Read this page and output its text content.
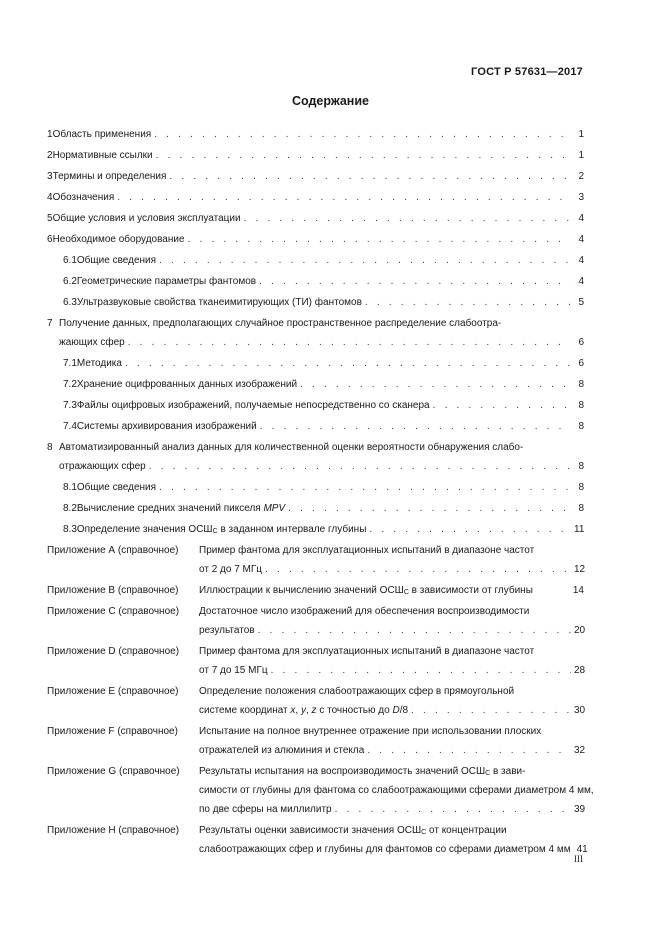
ГОСТ Р 57631—2017
Содержание
1 Область применения . . .	1
2 Нормативные ссылки . . .	1
3 Термины и определения . . .	2
4 Обозначения . . .	3
5 Общие условия и условия эксплуатации . . .	4
6 Необходимое оборудование . . .	4
6.1 Общие сведения . . .	4
6.2 Геометрические параметры фантомов . . .	4
6.3 Ультразвуковые свойства тканеимитирующих (ТИ) фантомов . . .	5
7 Получение данных, предполагающих случайное пространственное распределение слабоотра-
жающих сфер . . .	6
7.1 Методика . . .	6
7.2 Хранение оцифрованных данных изображений . . .	8
7.3 Файлы оцифровых изображений, получаемые непосредственно со сканера . . .	8
7.4 Системы архивирования изображений . . .	8
8 Автоматизированный анализ данных для количественной оценки вероятности обнаружения слабо-
отражающих сфер . . .	8
8.1 Общие сведения . . .	8
8.2 Вычисление средних значений пикселя MPV . . .	8
8.3 Определение значения $ОСШ_С$ в заданном интервале глубины . . .	11
Приложение А (справочное)	Пример фантома для эксплуатационных испытаний в диапазоне частот
от 2 до 7 МГц . . .	12
Приложение В (справочное)	Иллюстрации к вычислению значений $ОСШ_С$ в зависимости от глубины	14
Приложение С (справочное)	Достаточное число изображений для обеспечения воспроизводимости
результатов . . .	20
Приложение D (справочное)	Пример фантома для эксплуатационных испытаний в диапазоне частот
от 7 до 15 МГц . . .	28
Приложение Е (справочное)	Определение положения слабоотражающих сфер в прямоугольной
системе координат x, y, z с точностью до D/8 . . .	30
Приложение F (справочное)	Испытание на полное внутреннее отражение при использовании плоских
отражателей из алюминия и стекла . . .	32
Приложение G (справочное)	Результаты испытания на воспроизводимость значений $ОСШ_С$ в зави-
симости от глубины для фантома со слабоотражающими сферами диаметром 4 мм,
по две сферы на миллилитр . . .	39
Приложение Н (справочное)	Результаты оценки зависимости значения $ОСШ_С$ от концентрации
слабоотражающих сфер и глубины для фантомов со сферами диаметром 4 мм 41
III
